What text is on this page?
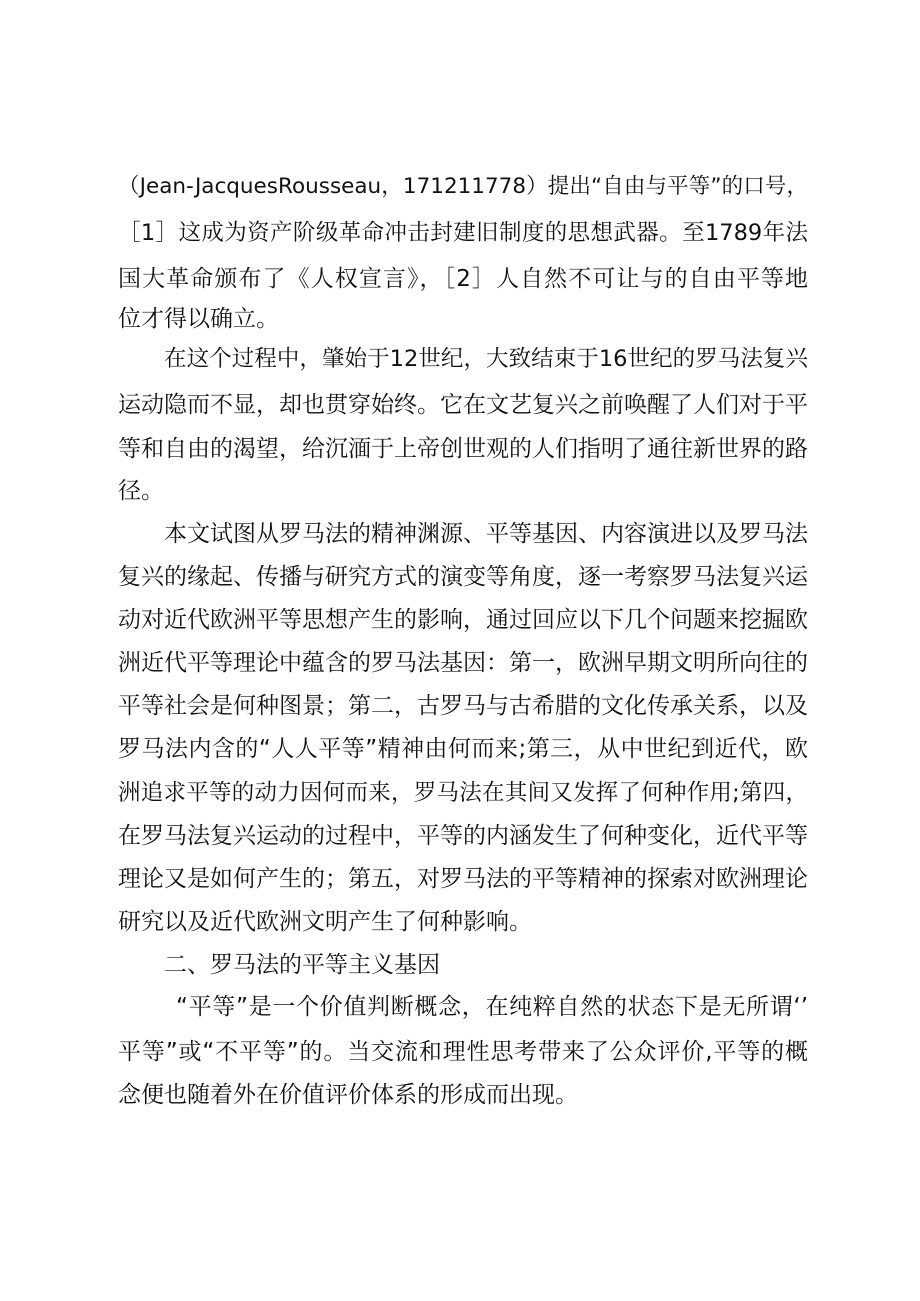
（Jean-JacquesRousseau，171211778）提出“自由与平等”的口号，
［1］这成为资产阶级革命冲击封建旧制度的思想武器。至1789年法
国大革命颁布了《人权宣言》，［2］人自然不可让与的自由平等地
位才得以确立。
在这个过程中，肇始于12世纪，大致结束于16世纪的罗马法复兴
运动隐而不显，却也贯穿始终。它在文艺复兴之前唤醒了人们对于平
等和自由的渴望，给沉湎于上帝创世观的人们指明了通往新世界的路
径。
本文试图从罗马法的精神渊源、平等基因、内容演进以及罗马法
复兴的缘起、传播与研究方式的演变等角度，逐一考察罗马法复兴运
动对近代欧洲平等思想产生的影响，通过回应以下几个问题来挖掘欧
洲近代平等理论中蕴含的罗马法基因：第一，欧洲早期文明所向往的
平等社会是何种图景；第二，古罗马与古希腊的文化传承关系，以及
罗马法内含的“人人平等”精神由何而来;第三，从中世纪到近代，欧
洲追求平等的动力因何而来，罗马法在其间又发挥了何种作用;第四，
在罗马法复兴运动的过程中，平等的内涵发生了何种变化，近代平等
理论又是如何产生的；第五，对罗马法的平等精神的探索对欧洲理论
研究以及近代欧洲文明产生了何种影响。
二、罗马法的平等主义基因
“平等”是一个价值判断概念，在纯粹自然的状态下是无所谓‘’
平等”或“不平等”的。当交流和理性思考带来了公众评价,平等的概
念便也随着外在价值评价体系的形成而出现。
